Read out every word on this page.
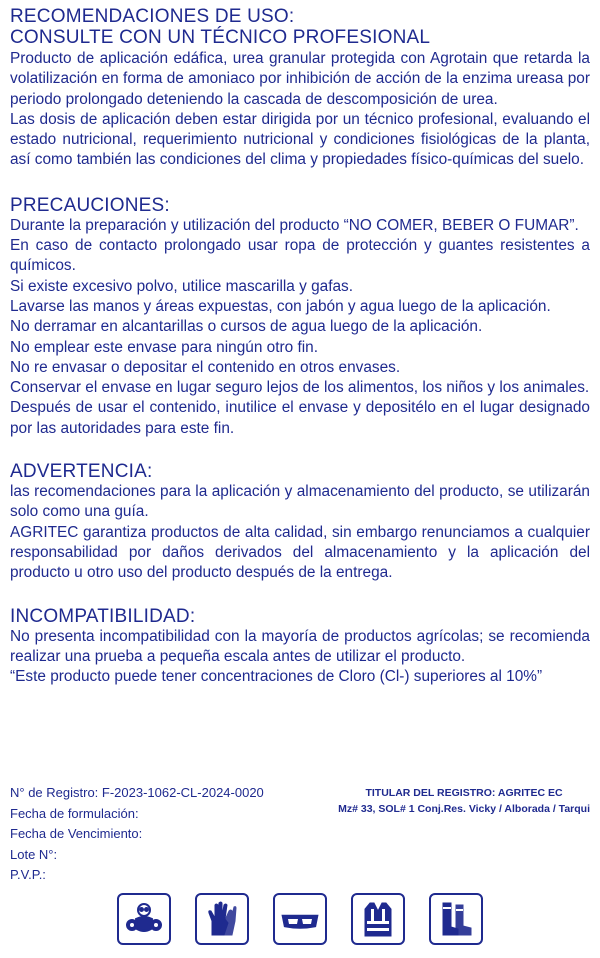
RECOMENDACIONES DE USO:
CONSULTE CON UN TÉCNICO PROFESIONAL

Producto de aplicación edáfica, urea granular protegida con Agrotain que retarda la volatilización en forma de amoniaco por inhibición de acción de la enzima ureasa por periodo prolongado deteniendo la cascada de descomposición de urea.

Las dosis de aplicación deben estar dirigida por un técnico profesional, evaluando el estado nutricional, requerimiento nutricional y condiciones fisiológicas de la planta, así como también las condiciones del clima y propiedades físico-químicas del suelo.

PRECAUCIONES:

Durante la preparación y utilización del producto “NO COMER, BEBER O FUMAR”.

En caso de contacto prolongado usar ropa de protección y guantes resistentes a químicos.

Si existe excesivo polvo, utilice mascarilla y gafas.

Lavarse las manos y áreas expuestas, con jabón y agua luego de la aplicación.

No derramar en alcantarillas o cursos de agua luego de la aplicación.

No emplear este envase para ningún otro fin.

No re envasar o depositar el contenido en otros envases.

Conservar el envase en lugar seguro lejos de los alimentos, los niños y los animales.

Después de usar el contenido, inutilice el envase y depositélo en el lugar designado por las autoridades para este fin.

ADVERTENCIA:

las recomendaciones para la aplicación y almacenamiento del producto, se utilizarán solo como una guía.

AGRITEC garantiza productos de alta calidad, sin embargo renunciamos a cualquier responsabilidad por daños derivados del almacenamiento y la aplicación del producto u otro uso del producto después de la entrega.

INCOMPATIBILIDAD:

No presenta incompatibilidad con la mayoría de productos agrícolas; se recomienda realizar una prueba a pequeña escala antes de utilizar el producto.

“Este producto puede tener concentraciones de Cloro (Cl-) superiores al 10%”

N° de Registro: F-2023-1062-CL-2024-0020
Fecha de formulación:
Fecha de Vencimiento:
Lote N°:
P.V.P.:
TITULAR DEL REGISTRO: AGRITEC EC
Mz# 33, SOL# 1 Conj.Res. Vicky / Alborada / Tarqui
